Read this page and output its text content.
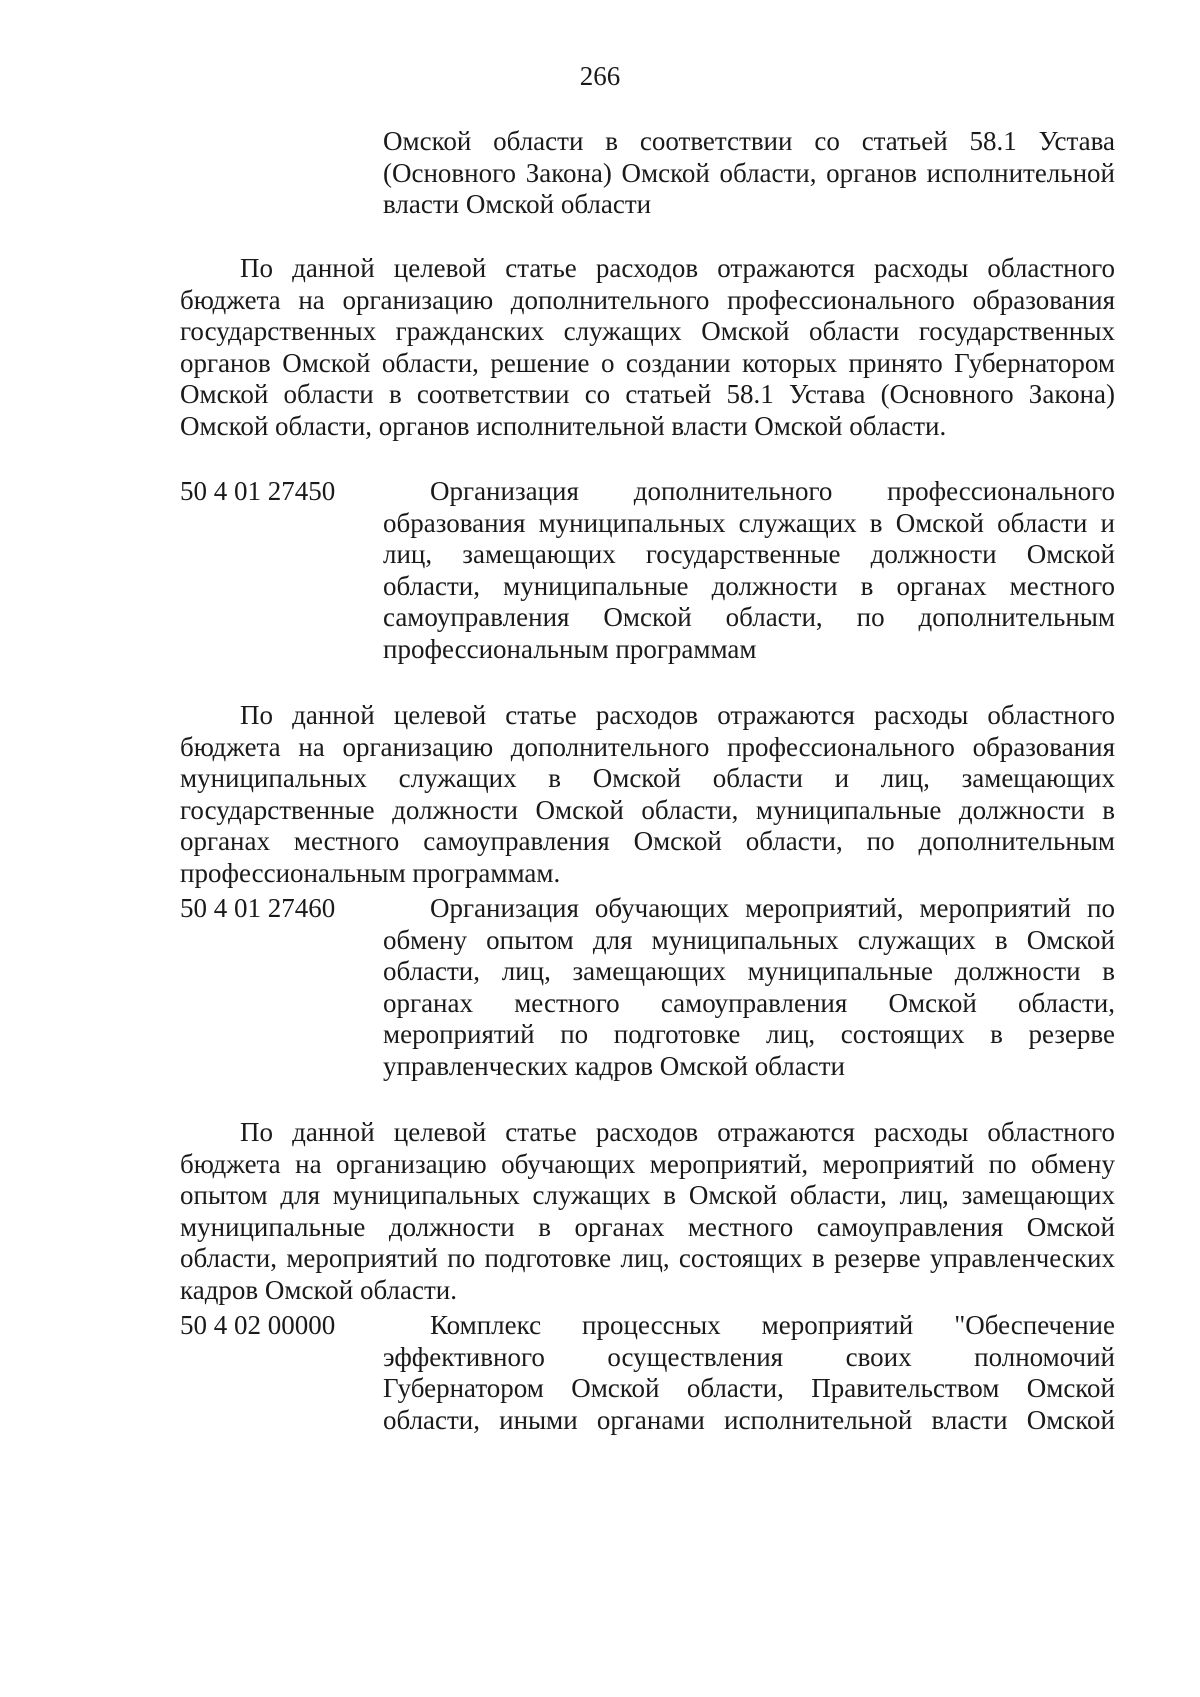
266

Омской области в соответствии со статьей 58.1 Устава (Основного Закона) Омской области, органов исполнительной власти Омской области

По данной целевой статье расходов отражаются расходы областного бюджета на организацию дополнительного профессионального образования государственных гражданских служащих Омской области государственных органов Омской области, решение о создании которых принято Губернатором Омской области в соответствии со статьей 58.1 Устава (Основного Закона) Омской области, органов исполнительной власти Омской области.

50 4 01 27450	Организация дополнительного профессионального образования муниципальных служащих в Омской области и лиц, замещающих государственные должности Омской области, муниципальные должности в органах местного самоуправления Омской области, по дополнительным профессиональным программам

По данной целевой статье расходов отражаются расходы областного бюджета на организацию дополнительного профессионального образования муниципальных служащих в Омской области и лиц, замещающих государственные должности Омской области, муниципальные должности в органах местного самоуправления Омской области, по дополнительным профессиональным программам.

50 4 01 27460	Организация обучающих мероприятий, мероприятий по обмену опытом для муниципальных служащих в Омской области, лиц, замещающих муниципальные должности в органах местного самоуправления Омской области, мероприятий по подготовке лиц, состоящих в резерве управленческих кадров Омской области

По данной целевой статье расходов отражаются расходы областного бюджета на организацию обучающих мероприятий, мероприятий по обмену опытом для муниципальных служащих в Омской области, лиц, замещающих муниципальные должности в органах местного самоуправления Омской области, мероприятий по подготовке лиц, состоящих в резерве управленческих кадров Омской области.

50 4 02 00000	Комплекс процессных мероприятий "Обеспечение эффективного осуществления своих полномочий Губернатором Омской области, Правительством Омской области, иными органами исполнительной власти Омской
